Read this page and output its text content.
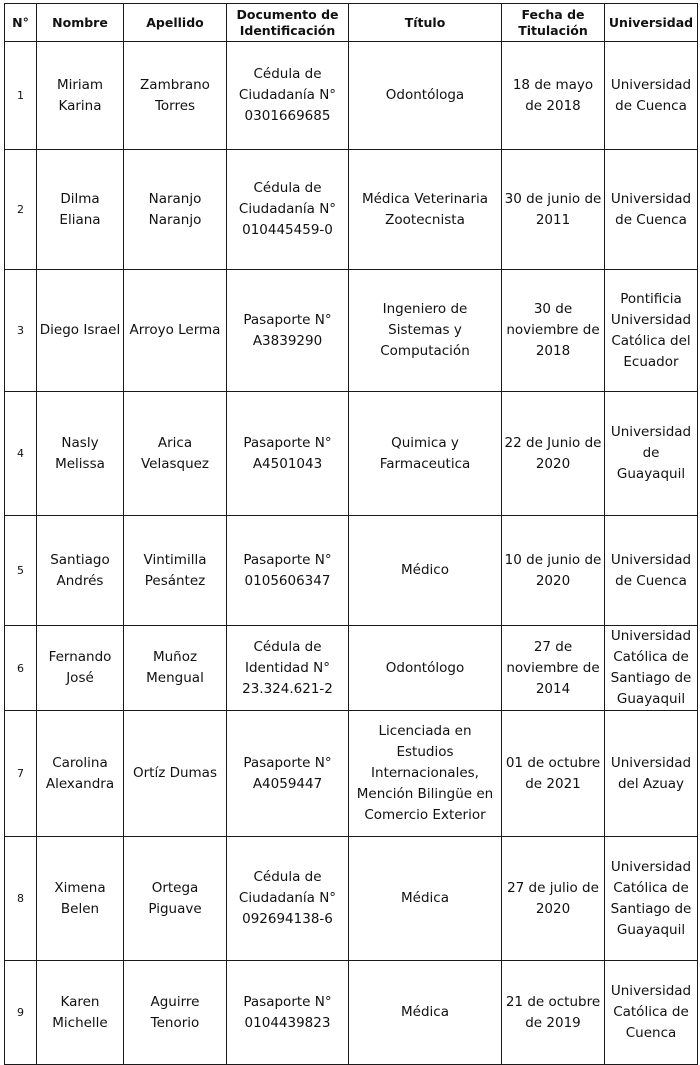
N°	Nombre	Apellido	Documento de Identificación	Título	Fecha de Titulación	Universidad
1	Miriam Karina	Zambrano Torres	Cédula de Ciudadanía N° 0301669685	Odontóloga	18 de mayo de 2018	Universidad de Cuenca
2	Dilma Eliana	Naranjo Naranjo	Cédula de Ciudadanía N° 010445459-0	Médica Veterinaria Zootecnista	30 de junio de 2011	Universidad de Cuenca
3	Diego Israel	Arroyo Lerma	Pasaporte N° A3839290	Ingeniero de Sistemas y Computación	30 de noviembre de 2018	Pontificia Universidad Católica del Ecuador
4	Nasly Melissa	Arica Velasquez	Pasaporte N° A4501043	Quimica y Farmaceutica	22 de Junio de 2020	Universidad de Guayaquil
5	Santiago Andrés	Vintimilla Pesántez	Pasaporte N° 0105606347	Médico	10 de junio de 2020	Universidad de Cuenca
6	Fernando José	Muñoz Mengual	Cédula de Identidad N° 23.324.621-2	Odontólogo	27 de noviembre de 2014	Universidad Católica de Santiago de Guayaquil
7	Carolina Alexandra	Ortíz Dumas	Pasaporte N° A4059447	Licenciada en Estudios Internacionales, Mención Bilingüe en Comercio Exterior	01 de octubre de 2021	Universidad del Azuay
8	Ximena Belen	Ortega Piguave	Cédula de Ciudadanía N° 092694138-6	Médica	27 de julio de 2020	Universidad Católica de Santiago de Guayaquil
9	Karen Michelle	Aguirre Tenorio	Pasaporte N° 0104439823	Médica	21 de octubre de 2019	Universidad Católica de Cuenca
